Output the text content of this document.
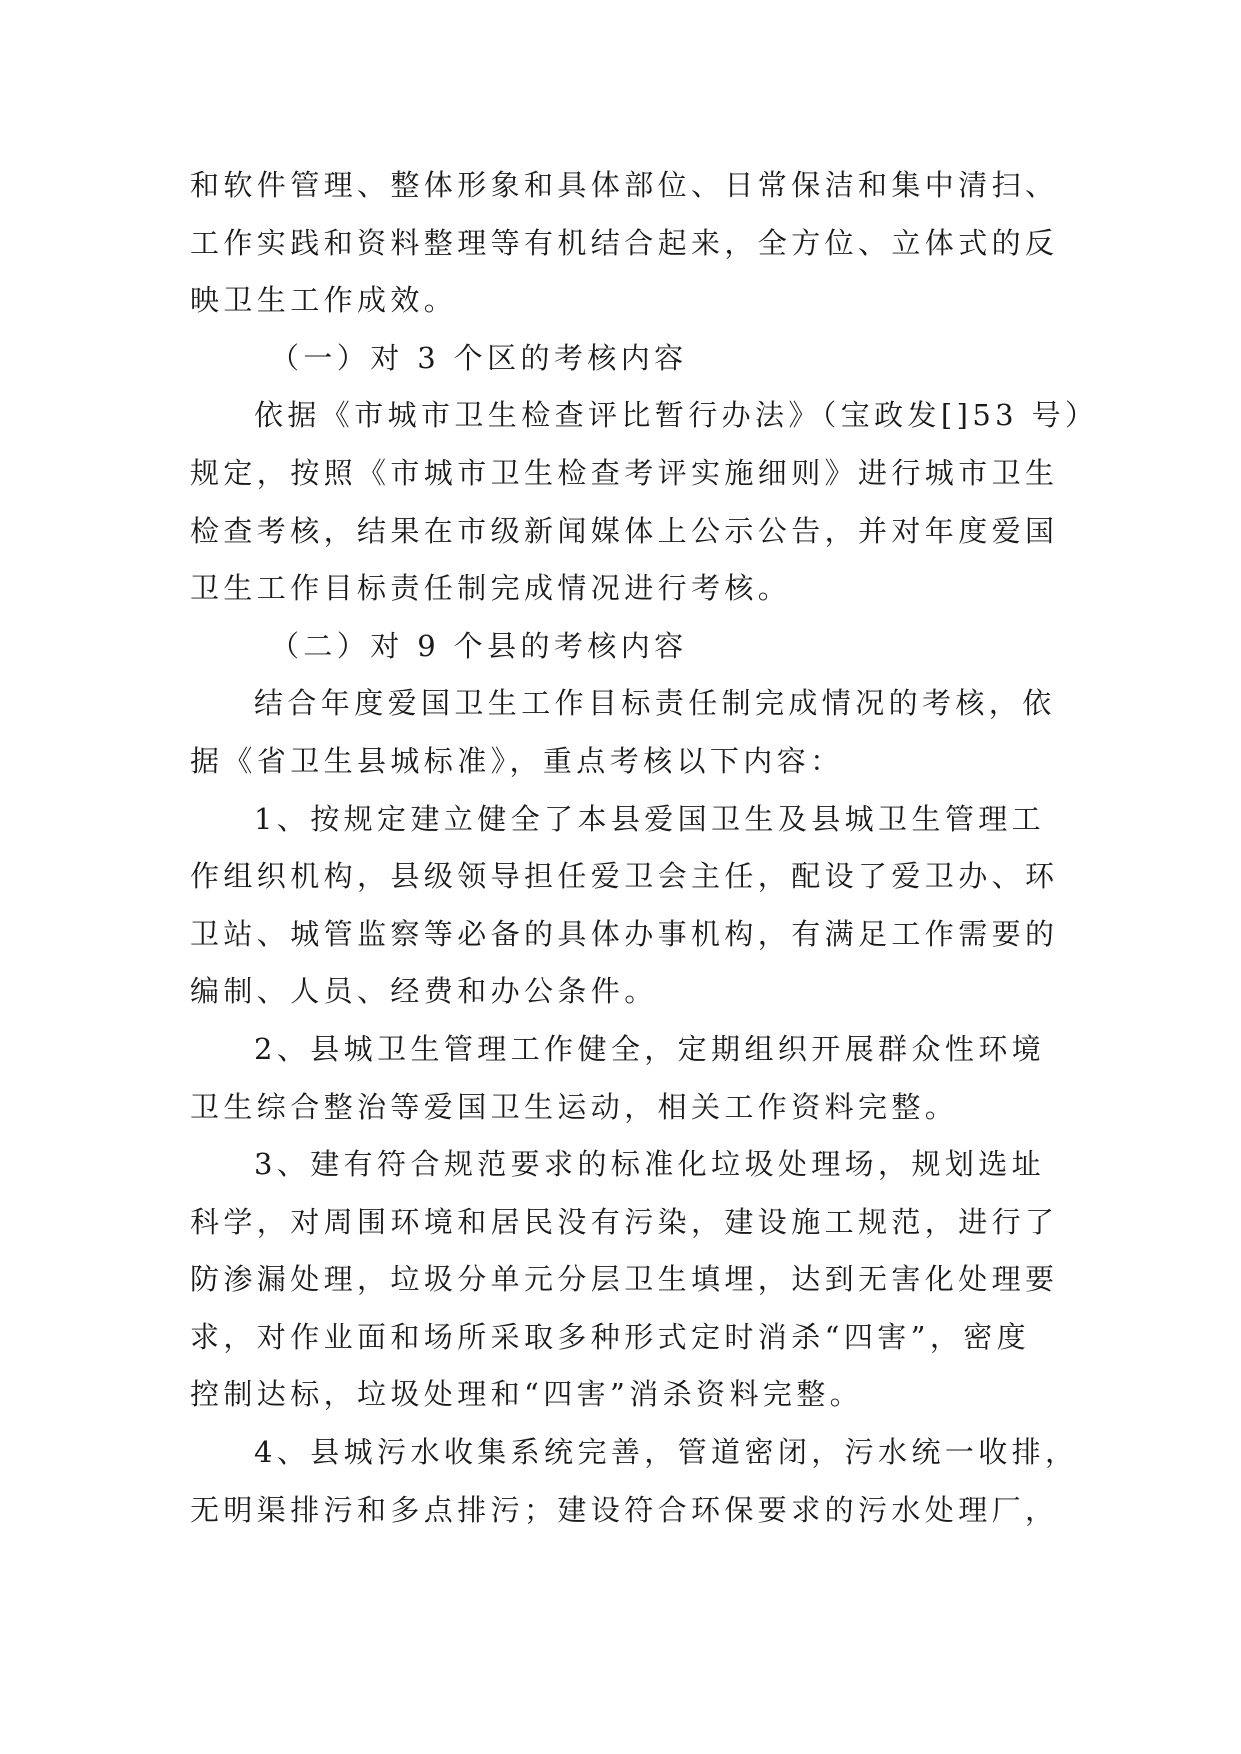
和软件管理、整体形象和具体部位、日常保洁和集中清扫、
工作实践和资料整理等有机结合起来，全方位、立体式的反
映卫生工作成效。
（一）对 3 个区的考核内容
依据《市城市卫生检查评比暂行办法》（宝政发[]53 号）
规定，按照《市城市卫生检查考评实施细则》进行城市卫生
检查考核，结果在市级新闻媒体上公示公告，并对年度爱国
卫生工作目标责任制完成情况进行考核。
（二）对 9 个县的考核内容
结合年度爱国卫生工作目标责任制完成情况的考核，依
据《省卫生县城标准》，重点考核以下内容：
1、按规定建立健全了本县爱国卫生及县城卫生管理工
作组织机构，县级领导担任爱卫会主任，配设了爱卫办、环
卫站、城管监察等必备的具体办事机构，有满足工作需要的
编制、人员、经费和办公条件。
2、县城卫生管理工作健全，定期组织开展群众性环境
卫生综合整治等爱国卫生运动，相关工作资料完整。
3、建有符合规范要求的标准化垃圾处理场，规划选址
科学，对周围环境和居民没有污染，建设施工规范，进行了
防渗漏处理，垃圾分单元分层卫生填埋，达到无害化处理要
求，对作业面和场所采取多种形式定时消杀“四害”，密度
控制达标，垃圾处理和“四害”消杀资料完整。
4、县城污水收集系统完善，管道密闭，污水统一收排，
无明渠排污和多点排污；建设符合环保要求的污水处理厂，
